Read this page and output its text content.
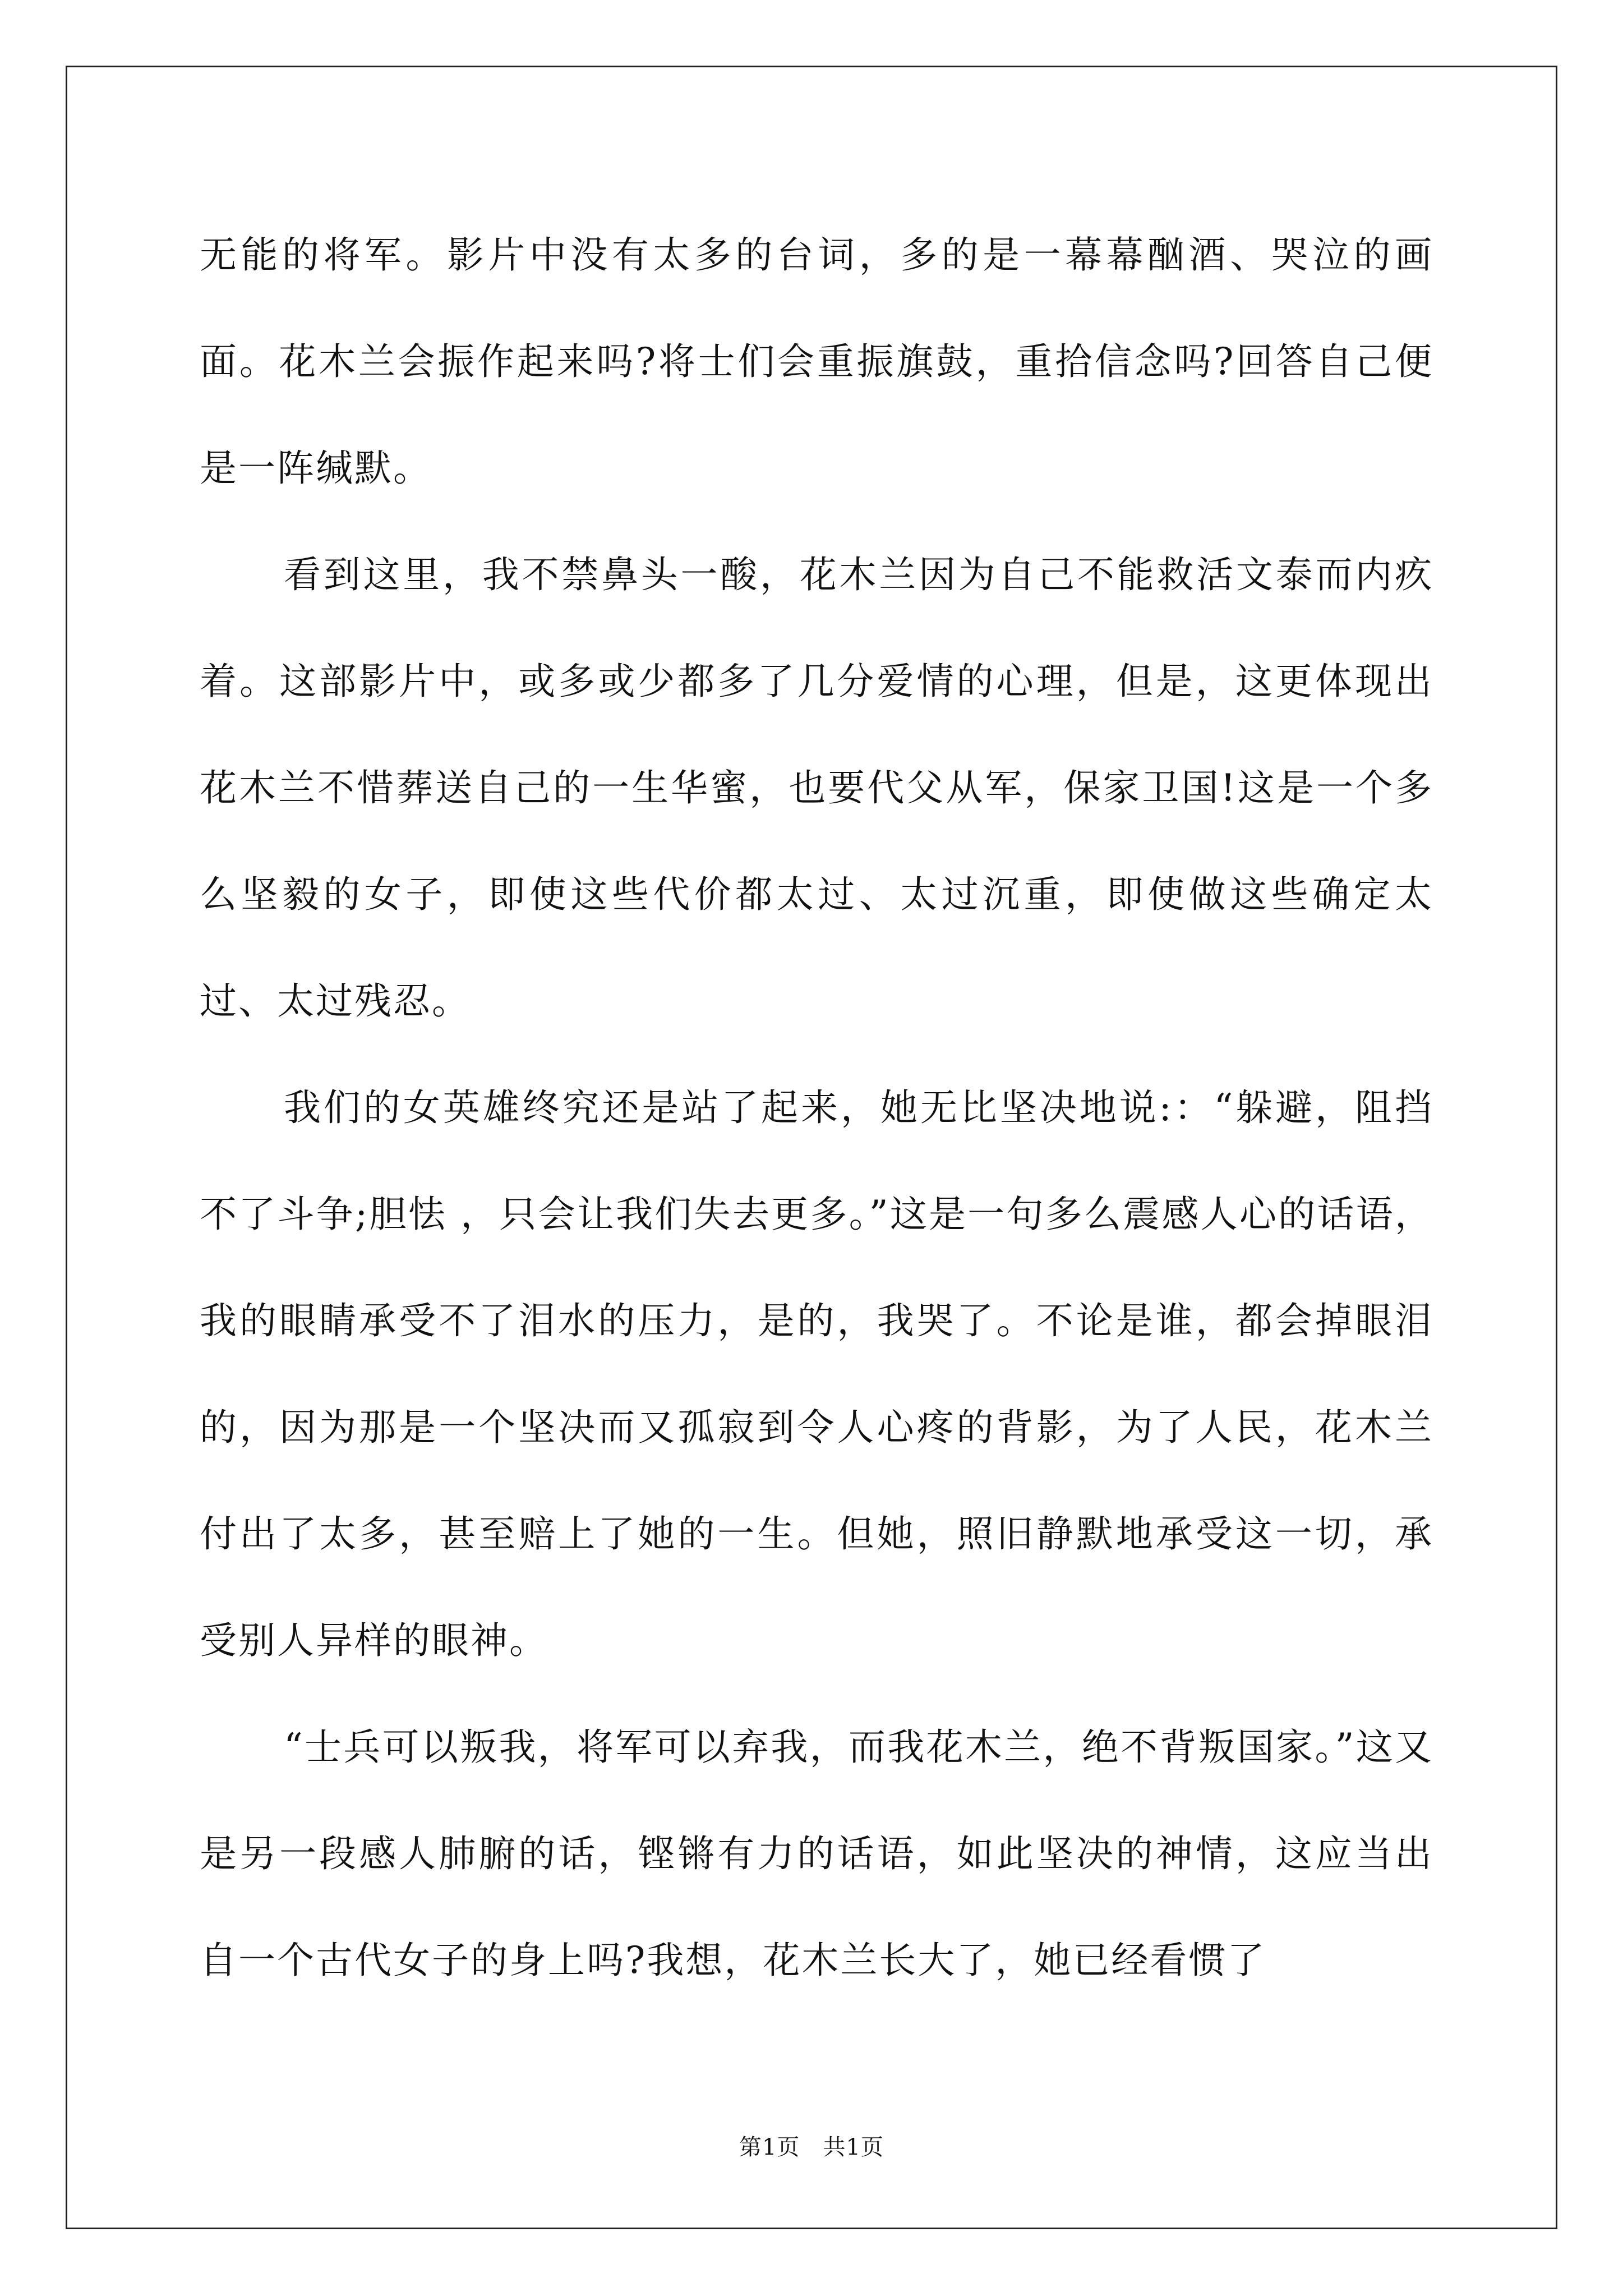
无能的将军。影片中没有太多的台词，多的是一幕幕酗酒、哭泣的画面。花木兰会振作起来吗?将士们会重振旗鼓，重拾信念吗?回答自己便是一阵缄默。

看到这里，我不禁鼻头一酸，花木兰因为自己不能救活文泰而内疚着。这部影片中，或多或少都多了几分爱情的心理，但是，这更体现出花木兰不惜葬送自己的一生华蜜，也要代父从军，保家卫国!这是一个多么坚毅的女子，即使这些代价都太过、太过沉重，即使做这些确定太过、太过残忍。

我们的女英雄终究还是站了起来，她无比坚决地说:：“躲避，阻挡不了斗争;胆怯 ，只会让我们失去更多。”这是一句多么震感人心的话语，我的眼睛承受不了泪水的压力，是的，我哭了。不论是谁，都会掉眼泪的，因为那是一个坚决而又孤寂到令人心疼的背影，为了人民，花木兰付出了太多，甚至赔上了她的一生。但她，照旧静默地承受这一切，承受别人异样的眼神。

“士兵可以叛我，将军可以弃我，而我花木兰，绝不背叛国家。”这又是另一段感人肺腑的话，铿锵有力的话语，如此坚决的神情，这应当出自一个古代女子的身上吗?我想，花木兰长大了，她已经看惯了

第1页   共1页
